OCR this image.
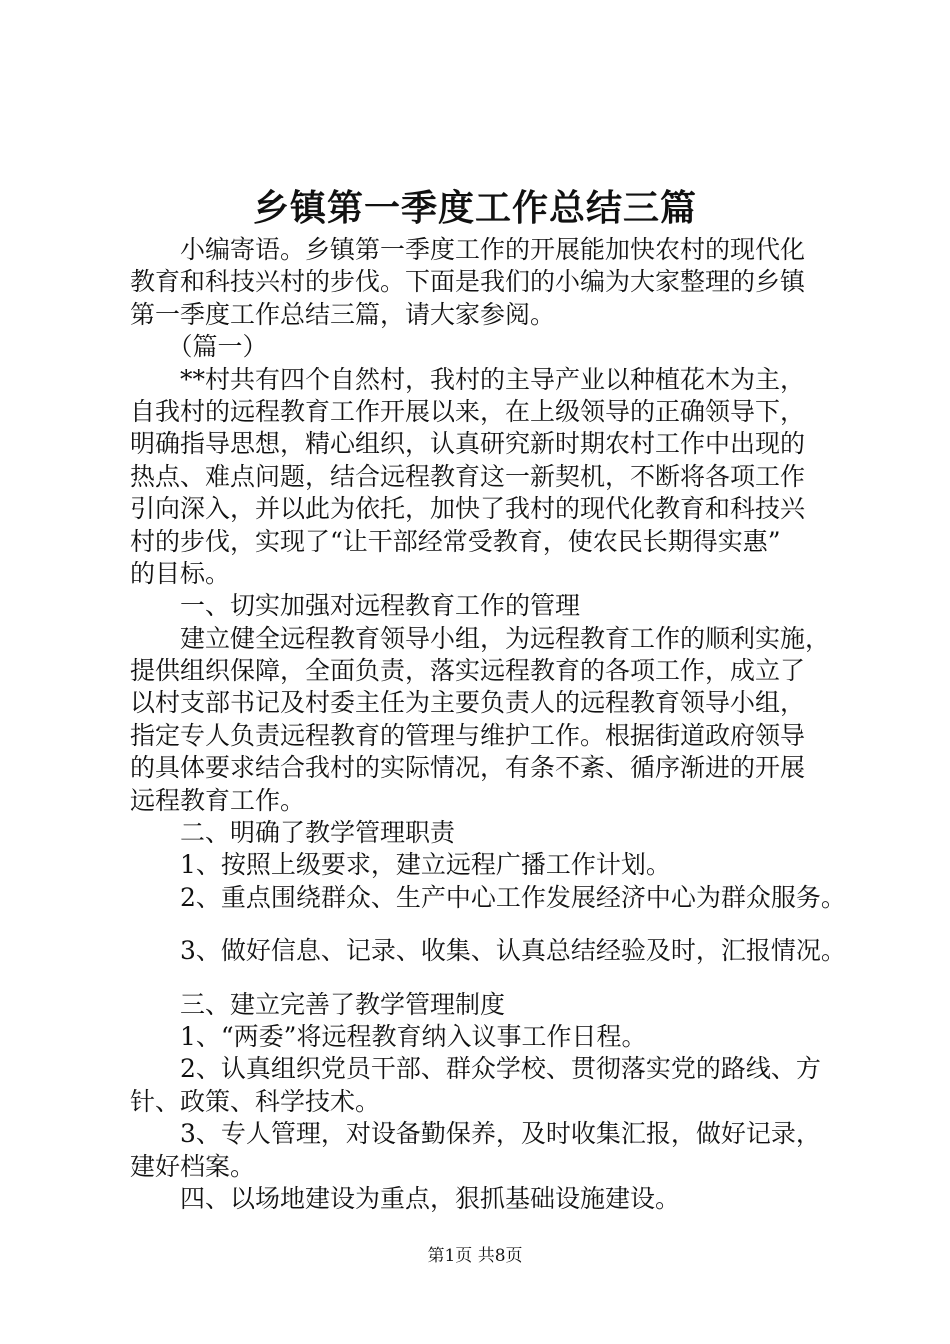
乡镇第一季度工作总结三篇
　　小编寄语。乡镇第一季度工作的开展能加快农村的现代化
教育和科技兴村的步伐。下面是我们的小编为大家整理的乡镇
第一季度工作总结三篇，请大家参阅。
　　（篇一）
　　**村共有四个自然村，我村的主导产业以种植花木为主，
自我村的远程教育工作开展以来，在上级领导的正确领导下，
明确指导思想，精心组织，认真研究新时期农村工作中出现的
热点、难点问题，结合远程教育这一新契机，不断将各项工作
引向深入，并以此为依托，加快了我村的现代化教育和科技兴
村的步伐，实现了“让干部经常受教育，使农民长期得实惠”
的目标。
　　一、切实加强对远程教育工作的管理
　　建立健全远程教育领导小组，为远程教育工作的顺利实施，
提供组织保障，全面负责，落实远程教育的各项工作，成立了
以村支部书记及村委主任为主要负责人的远程教育领导小组，
指定专人负责远程教育的管理与维护工作。根据街道政府领导
的具体要求结合我村的实际情况，有条不紊、循序渐进的开展
远程教育工作。
　　二、明确了教学管理职责
　　1、按照上级要求，建立远程广播工作计划。
　　2、重点围绕群众、生产中心工作发展经济中心为群众服务。
　　3、做好信息、记录、收集、认真总结经验及时，汇报情况。
　　三、建立完善了教学管理制度
　　1、“两委”将远程教育纳入议事工作日程。
　　2、认真组织党员干部、群众学校、贯彻落实党的路线、方
针、政策、科学技术。
　　3、专人管理，对设备勤保养，及时收集汇报，做好记录，
建好档案。
　　四、以场地建设为重点，狠抓基础设施建设。
第1页 共8页
